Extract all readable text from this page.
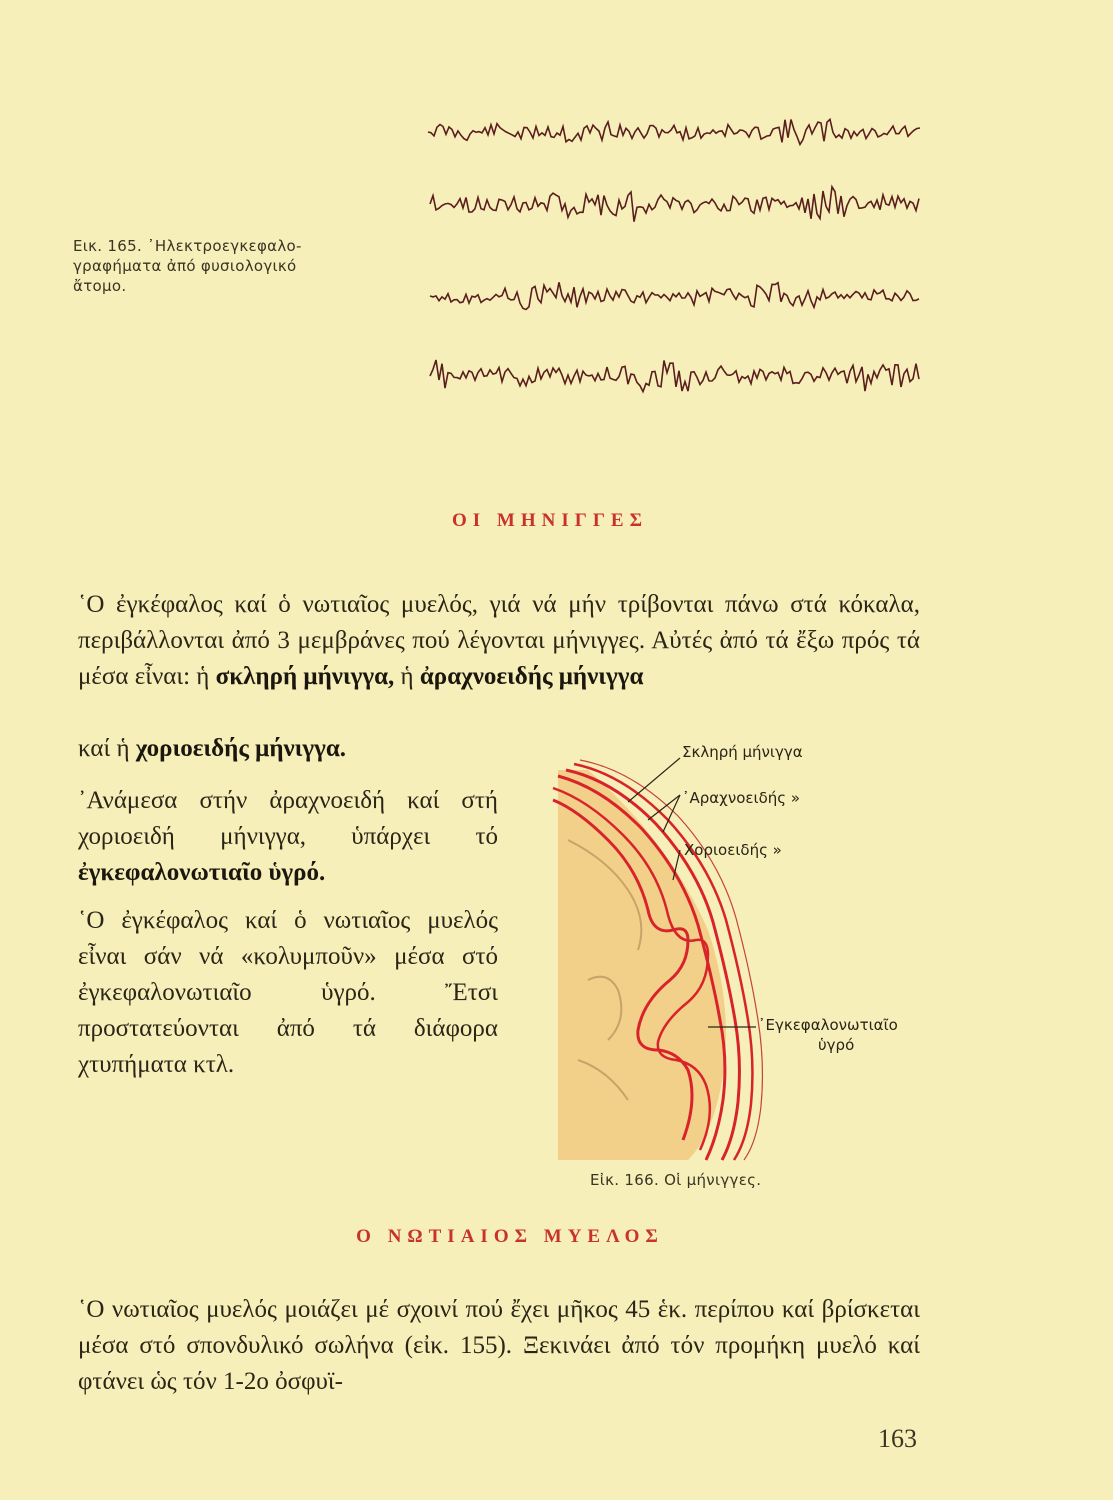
Εικ. 165. ᾿Ηλεκτροεγκεφαλο-
γραφήματα ἀπό φυσιολογικό
ἄτομο.
ΟΙ ΜΗΝΙΓΓΕΣ

῾Ο ἐγκέφαλος καί ὁ νωτιαῖος μυελός, γιά νά μήν τρίβονται πάνω στά κόκαλα, περιβάλλονται ἀπό 3 μεμβράνες πού λέγονται μήνιγγες. Αὐτές ἀπό τά ἔξω πρός τά μέσα εἶναι: ἡ σκληρή μήνιγγα, ἡ ἀραχνοειδής μήνιγγα

καί ἡ χοριοειδής μήνιγγα.

᾿Ανάμεσα στήν ἀραχνοειδή καί στή χοριοειδή μήνιγγα, ὑπάρχει τό ἐγκεφαλονωτιαῖο ὑγρό.

῾Ο ἐγκέφαλος καί ὁ νωτιαῖος μυελός εἶναι σάν νά «κολυμποῦν» μέσα στό ἐγκεφαλονωτιαῖο ὑγρό. Ἔτσι προστατεύονται ἀπό τά διάφορα χτυπήματα κτλ.

Σκληρή μήνιγγα
᾿Αραχνοειδής »
Χοριοειδής »
᾿Εγκεφαλονωτιαῖο
ὑγρό
Εἰκ. 166. Οἱ μήνιγγες.
Ο ΝΩΤΙΑΙΟΣ ΜΥΕΛΟΣ

῾Ο νωτιαῖος μυελός μοιάζει μέ σχοινί πού ἔχει μῆκος 45 ἑκ. περίπου καί βρίσκεται μέσα στό σπονδυλικό σωλήνα (εἰκ. 155). Ξεκινάει ἀπό τόν προμήκη μυελό καί φτάνει ὡς τόν 1-2ο ὀσφυϊ-

163
